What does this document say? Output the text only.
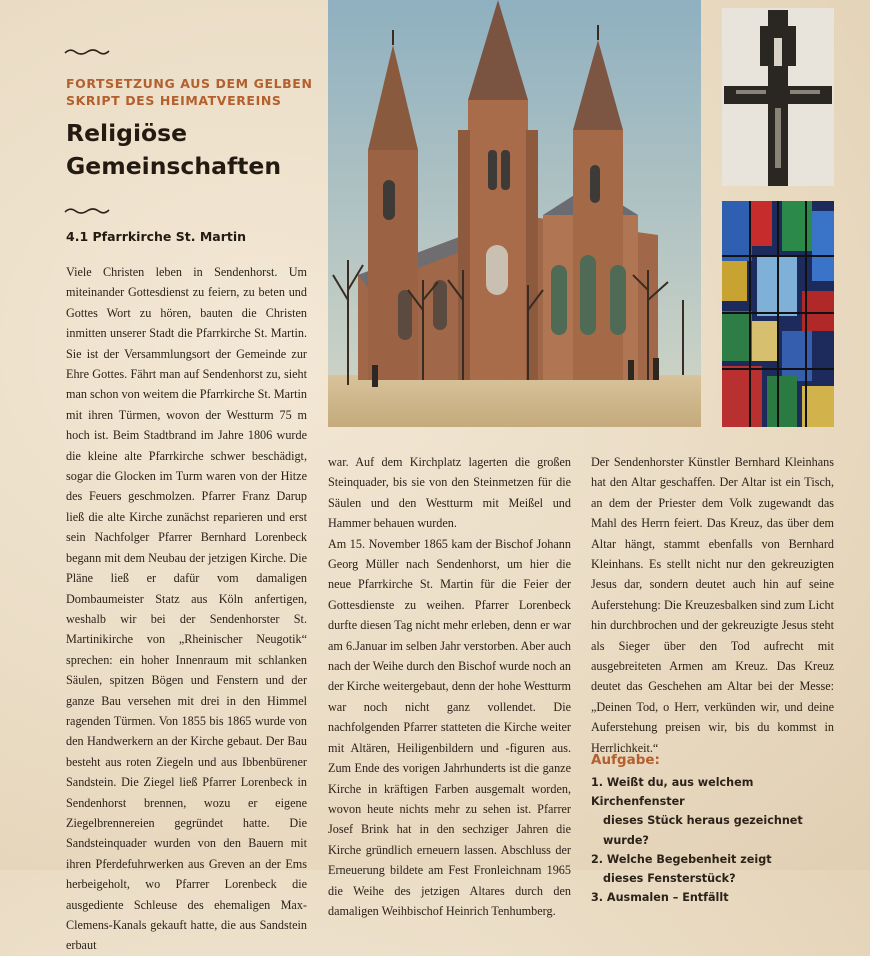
FORTSETZUNG AUS DEM GELBEN
SKRIPT DES HEIMATVEREINS
Religiöse
Gemeinschaften
4.1 Pfarrkirche St. Martin

Viele Christen leben in Sendenhorst. Um miteinander Gottesdienst zu feiern, zu beten und Gottes Wort zu hören, bauten die Christen inmitten unserer Stadt die Pfarrkirche St. Martin. Sie ist der Versammlungsort der Gemeinde zur Ehre Gottes. Fährt man auf Sendenhorst zu, sieht man schon von weitem die Pfarrkirche St. Martin mit ihren Türmen, wovon der Westturm 75 m hoch ist. Beim Stadtbrand im Jahre 1806 wurde die kleine alte Pfarrkirche schwer beschädigt, sogar die Glocken im Turm waren von der Hitze des Feuers geschmolzen. Pfarrer Franz Darup ließ die alte Kirche zunächst reparieren und erst sein Nachfolger Pfarrer Bernhard Lorenbeck begann mit dem Neubau der jetzigen Kirche. Die Pläne ließ er dafür vom damaligen Dombaumeister Statz aus Köln anfertigen, weshalb wir bei der Sendenhorster St. Martinikirche von „Rheinischer Neugotik“ sprechen: ein hoher Innenraum mit schlanken Säulen, spitzen Bögen und Fenstern und der ganze Bau versehen mit drei in den Himmel ragenden Türmen. Von 1855 bis 1865 wurde von den Handwerkern an der Kirche gebaut. Der Bau besteht aus roten Ziegeln und aus Ibbenbürener Sandstein. Die Ziegel ließ Pfarrer Lorenbeck in Sendenhorst brennen, wozu er eigene Ziegelbrennereien gegründet hatte. Die Sandsteinquader wurden von den Bauern mit ihren Pferdefuhrwerken aus Greven an der Ems herbeigeholt, wo Pfarrer Lorenbeck die ausgediente Schleuse des ehemaligen Max-Clemens-Kanals gekauft hatte, die aus Sandstein erbaut

war. Auf dem Kirchplatz lagerten die großen Steinquader, bis sie von den Steinmetzen für die Säulen und den Westturm mit Meißel und Hammer behauen wurden.

Am 15. November 1865 kam der Bischof Johann Georg Müller nach Sendenhorst, um hier die neue Pfarrkirche St. Martin für die Feier der Gottesdienste zu weihen. Pfarrer Lorenbeck durfte diesen Tag nicht mehr erleben, denn er war am 6.Januar im selben Jahr verstorben. Aber auch nach der Weihe durch den Bischof wurde noch an der Kirche weitergebaut, denn der hohe Westturm war noch nicht ganz vollendet. Die nachfolgenden Pfarrer statteten die Kirche weiter mit Altären, Heiligenbildern und -figuren aus. Zum Ende des vorigen Jahrhunderts ist die ganze Kirche in kräftigen Farben ausgemalt worden, wovon heute nichts mehr zu sehen ist. Pfarrer Josef Brink hat in den sechziger Jahren die Kirche gründlich erneuern lassen. Abschluss der Erneuerung bildete am Fest Fronleichnam 1965 die Weihe des jetzigen Altares durch den damaligen Weihbischof Heinrich Tenhumberg.

Der Sendenhorster Künstler Bernhard Kleinhans hat den Altar geschaffen. Der Altar ist ein Tisch, an dem der Priester dem Volk zugewandt das Mahl des Herrn feiert. Das Kreuz, das über dem Altar hängt, stammt ebenfalls von Bernhard Kleinhans. Es stellt nicht nur den gekreuzigten Jesus dar, sondern deutet auch hin auf seine Auferstehung: Die Kreuzesbalken sind zum Licht hin durchbrochen und der gekreuzigte Jesus steht als Sieger über den Tod aufrecht mit ausgebreiteten Armen am Kreuz. Das Kreuz deutet das Geschehen am Altar bei der Messe: „Deinen Tod, o Herr, verkünden wir, und deine Auferstehung preisen wir, bis du kommst in Herrlichkeit.“

Aufgabe:
1. Weißt du, aus welchem Kirchenfenster
dieses Stück heraus gezeichnet wurde?
2. Welche Begebenheit zeigt
dieses Fensterstück?
3. Ausmalen – Entfällt
